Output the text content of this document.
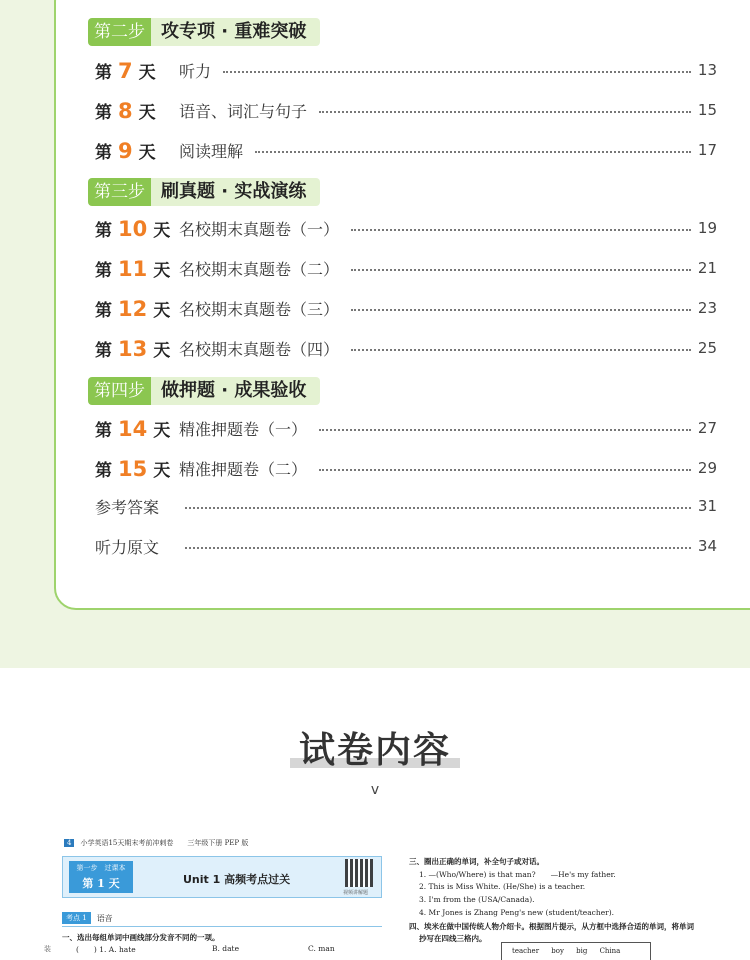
第二步 攻专项 · 重难突破
第 7 天 听力	13
第 8 天 语音、词汇与句子	15
第 9 天 阅读理解	17
第三步 刷真题 · 实战演练
第 10 天 名校期末真题卷（一）	19
第 11 天 名校期末真题卷（二）	21
第 12 天 名校期末真题卷（三）	23
第 13 天 名校期末真题卷（四）	25
第四步 做押题 · 成果验收
第 14 天 精准押题卷（一）	27
第 15 天 精准押题卷（二）	29
参考答案	31
听力原文	34
试卷内容
v
4	小学英语15天期末考前冲刺卷　　三年级下册 PEP 版
第一步　过课本
第 1 天	Unit 1 高频考点过关
视频讲解题
考点 1	语音
一、选出每组单词中画线部分发音不同的一项。
装	(　　) 1. A. hate	B. date	C. man
三、圈出正确的单词，补全句子或对话。
1. —(Who/Where) is that man?　　—He's my father.
2. This is Miss White. (He/She) is a teacher.
3. I'm from the (USA/Canada).
4. Mr Jones is Zhang Peng's new (student/teacher).
四、埃米在做中国传统人物介绍卡。根据图片提示，从方框中选择合适的单词，将单词
抄写在四线三格内。
teacher boy big China
